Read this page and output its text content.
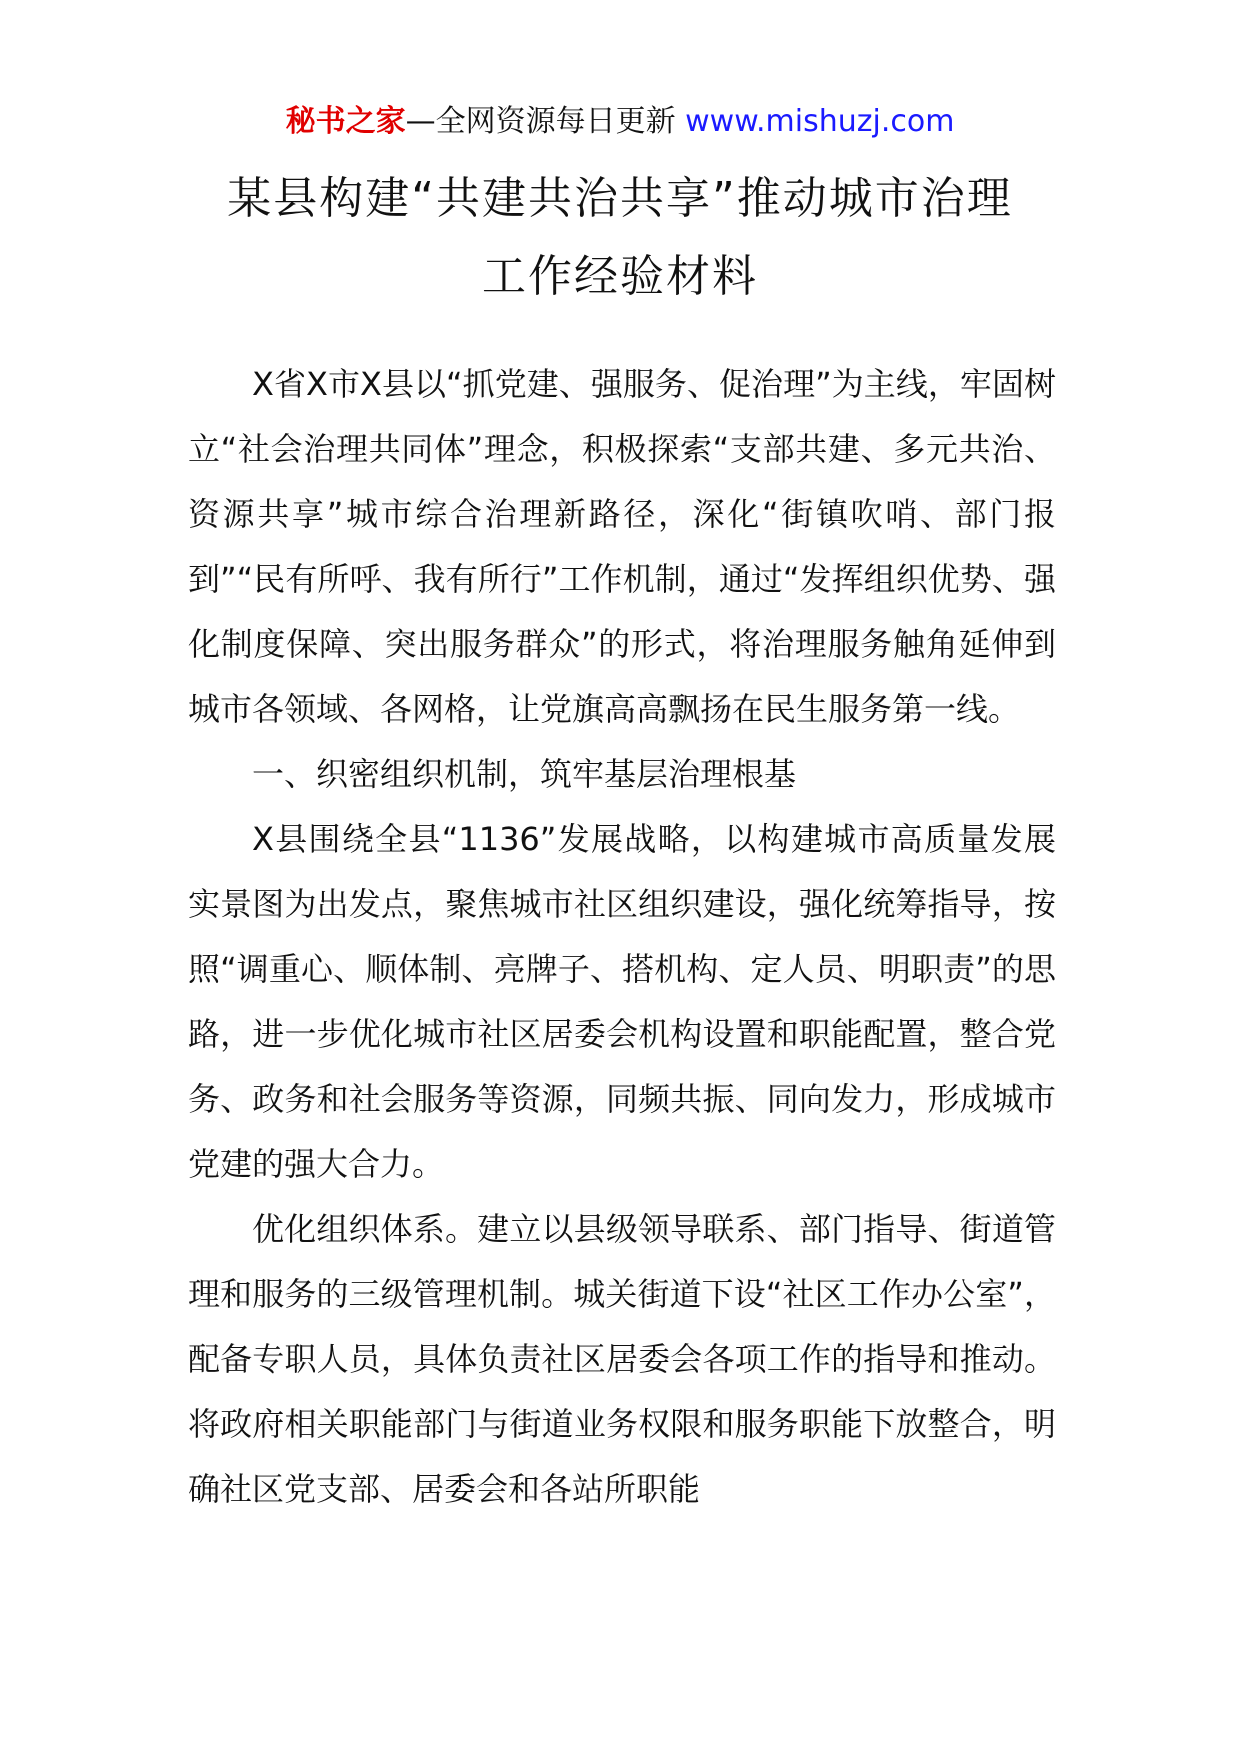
秘书之家—全网资源每日更新 www.mishuzj.com
某县构建“共建共治共享”推动城市治理
工作经验材料

X省X市X县以“抓党建、强服务、促治理”为主线，牢固树立“社会治理共同体”理念，积极探索“支部共建、多元共治、资源共享”城市综合治理新路径，深化“街镇吹哨、部门报到”“民有所呼、我有所行”工作机制，通过“发挥组织优势、强化制度保障、突出服务群众”的形式，将治理服务触角延伸到城市各领域、各网格，让党旗高高飘扬在民生服务第一线。

一、织密组织机制，筑牢基层治理根基

X县围绕全县“1136”发展战略，以构建城市高质量发展实景图为出发点，聚焦城市社区组织建设，强化统筹指导，按照“调重心、顺体制、亮牌子、搭机构、定人员、明职责”的思路，进一步优化城市社区居委会机构设置和职能配置，整合党务、政务和社会服务等资源，同频共振、同向发力，形成城市党建的强大合力。

优化组织体系。建立以县级领导联系、部门指导、街道管理和服务的三级管理机制。城关街道下设“社区工作办公室”，配备专职人员，具体负责社区居委会各项工作的指导和推动。将政府相关职能部门与街道业务权限和服务职能下放整合，明确社区党支部、居委会和各站所职能
